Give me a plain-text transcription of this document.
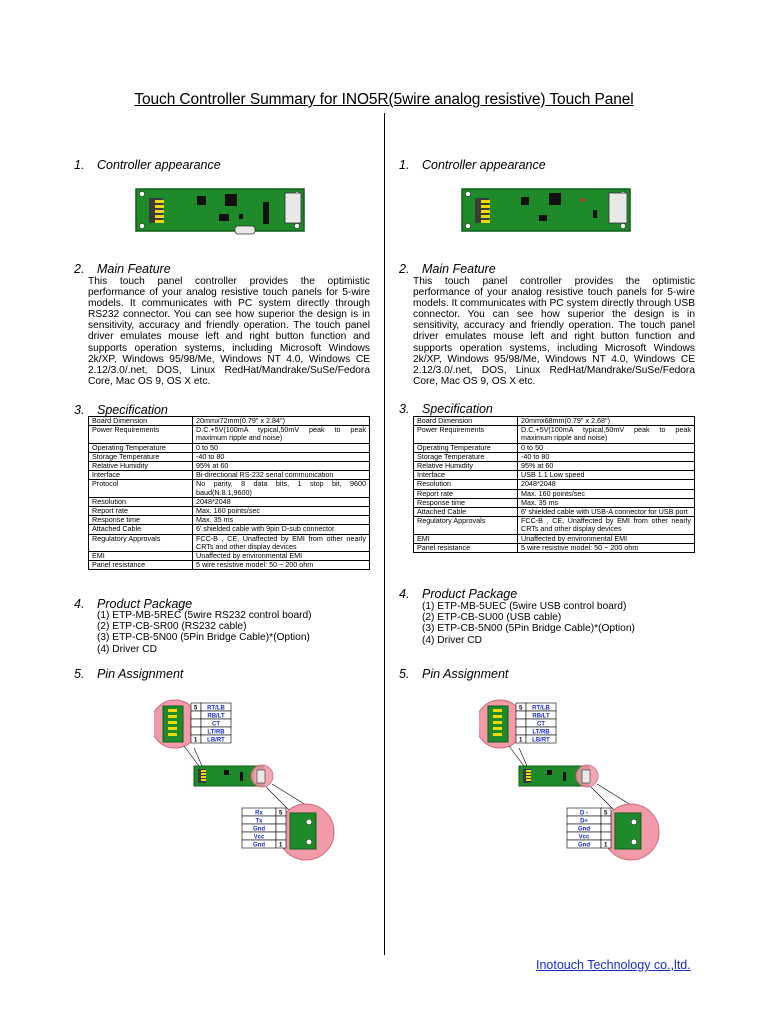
Touch Controller Summary for INO5R(5wire analog resistive) Touch Panel
1. Controller appearance
2. Main Feature
This touch panel controller provides the optimistic performance of your analog resistive touch panels for 5-wire models. It communicates with PC system directly through RS232 connector. You can see how superior the design is in sensitivity, accuracy and friendly operation. The touch panel driver emulates mouse left and right button function and supports operation systems, including Microsoft Windows 2k/XP, Windows 95/98/Me, Windows NT 4.0, Windows CE 2.12/3.0/.net, DOS, Linux RedHat/Mandrake/SuSe/Fedora Core, Mac OS 9, OS X etc.
3. Specification
Board Dimension	20mmx72mm(0.79" x 2.84")
Power Requirements	D.C.+5V(100mA typical,50mV peak to peak maximum ripple and noise)
Operating Temperature	0 to 50
Storage Temperature	-40 to 80
Relative Humidity	95% at 60
Interface	Bi-directional RS-232 serial communication
Protocol	No parity, 8 data bits, 1 stop bit, 9600 baud(N.8.1,9600)
Resolution	2048*2048
Report rate	Max. 160 points/sec
Response time	Max. 35 ms
Attached Cable	6' shielded cable with 9pin D-sub connector
Regulatory Approvals	FCC-B , CE, Unaffected by EMI from other nearly CRTs and other display devices
EMI	Unaffected by environmental EMI
Panel resistance	5 wire resistive model: 50 ~ 200 ohm
4. Product Package
(1) ETP-MB-5REC (5wire RS232 control board)
(2) ETP-CB-SR00 (RS232 cable)
(3) ETP-CB-5N00 (5Pin Bridge Cable)*(Option)
(4) Driver CD
5. Pin Assignment
5 RT/LB
RB/LT
CT
LT/RB
1 LB/RT
Rx	5
Tx
Gnd
Vcc
Gnd 1
1. Controller appearance
2. Main Feature
This touch panel controller provides the optimistic performance of your analog resistive touch panels for 5-wire models. It communicates with PC system directly through USB connector. You can see how superior the design is in sensitivity, accuracy and friendly operation. The touch panel driver emulates mouse left and right button function and supports operation systems, including Microsoft Windows 2k/XP, Windows 95/98/Me, Windows NT 4.0, Windows CE 2.12/3.0/.net, DOS, Linux RedHat/Mandrake/SuSe/Fedora Core, Mac OS 9, OS X etc.
3. Specification
Board Dimension	20mmx68mm(0.79" x 2.68")
Power Requirements	D.C.+5V(100mA typical,50mV peak to peak maximum ripple and noise)
Operating Temperature	0 to 50
Storage Temperature	-40 to 80
Relative Humidity	95% at 60
Interface	USB 1.1 Low speed
Resolution	2048*2048
Report rate	Max. 160 points/sec
Response time	Max. 35 ms
Attached Cable	6' shielded cable with USB-A connector for USB port
Regulatory Approvals	FCC-B , CE, Unaffected by EMI from other nearly CRTs and other display devices
EMI	Unaffected by environmental EMI
Panel resistance	5 wire resistive model: 50 ~ 200 ohm
4. Product Package
(1) ETP-MB-5UEC (5wire USB control board)
(2) ETP-CB-SU00 (USB cable)
(3) ETP-CB-5N00 (5Pin Bridge Cable)*(Option)
(4) Driver CD
5. Pin Assignment
5 RT/LB
RB/LT
CT
LT/RB
1 LB/RT
D -	5
D+
Gnd
Vcc
Gnd 1
Inotouch Technology co.,ltd.
